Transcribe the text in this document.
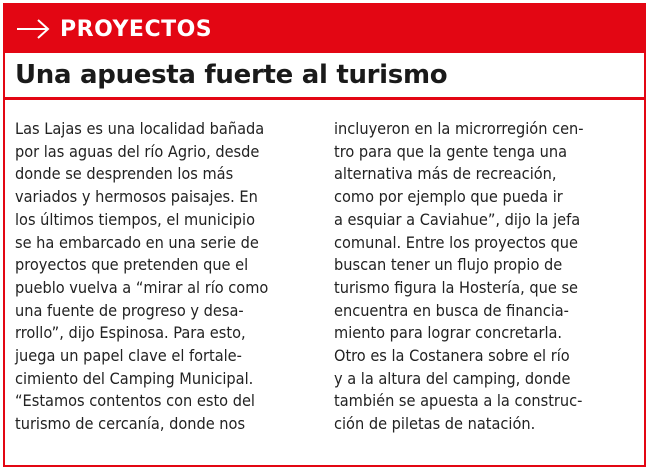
PROYECTOS
Una apuesta fuerte al turismo
Las Lajas es una localidad bañada
por las aguas del río Agrio, desde
donde se desprenden los más
variados y hermosos paisajes. En
los últimos tiempos, el municipio
se ha embarcado en una serie de
proyectos que pretenden que el
pueblo vuelva a “mirar al río como
una fuente de progreso y desa-
rrollo”, dijo Espinosa. Para esto,
juega un papel clave el fortale-
cimiento del Camping Municipal.
“Estamos contentos con esto del
turismo de cercanía, donde nos
incluyeron en la microrregión cen-
tro para que la gente tenga una
alternativa más de recreación,
como por ejemplo que pueda ir
a esquiar a Caviahue”, dijo la jefa
comunal. Entre los proyectos que
buscan tener un flujo propio de
turismo figura la Hostería, que se
encuentra en busca de financia-
miento para lograr concretarla.
Otro es la Costanera sobre el río
y a la altura del camping, donde
también se apuesta a la construc-
ción de piletas de natación.
